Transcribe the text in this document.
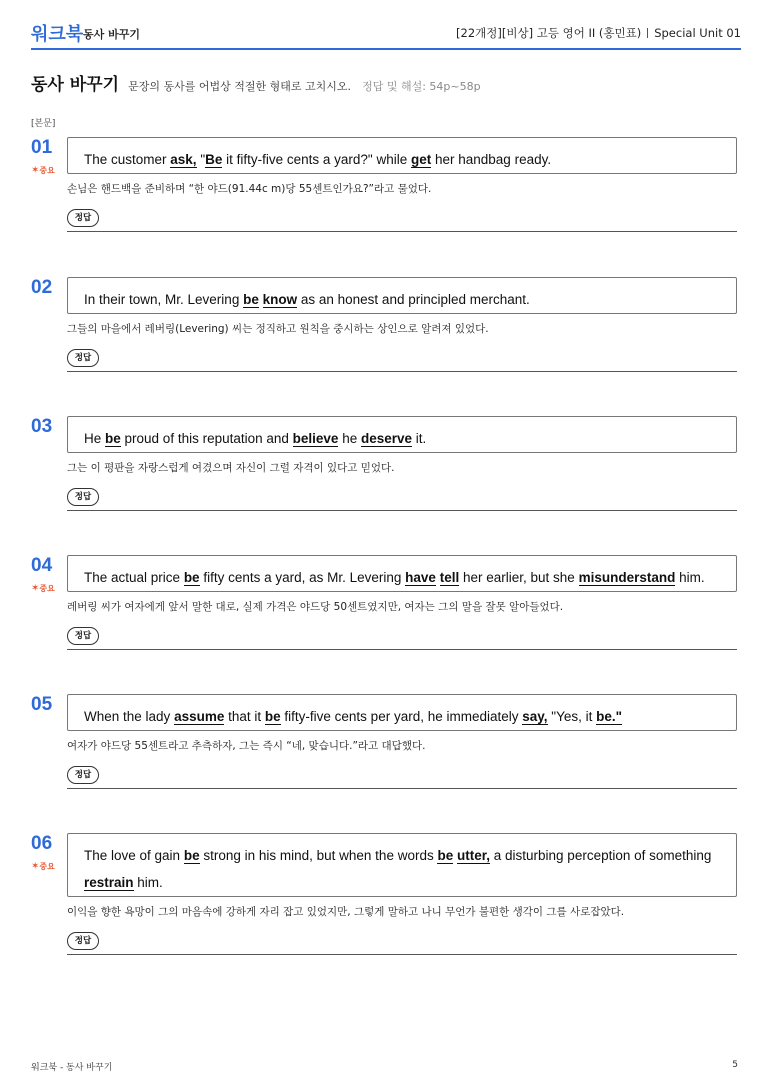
워크북 동사 바꾸기	[22개정][비상] 고등 영어 II (홍민표) Special Unit 01
동사 바꾸기 문장의 동사를 어법상 적절한 형태로 고치시오. 정답 및 해설: 54p~58p
[본문]
01
✶중요
The customer ask, "Be it fifty-five cents a yard?" while get her handbag ready.
손님은 핸드백을 준비하며 “한 야드(91.44c m)당 55센트인가요?”라고 물었다.
정답
02
In their town, Mr. Levering be know as an honest and principled merchant.
그들의 마을에서 레버링(Levering) 씨는 정직하고 원칙을 중시하는 상인으로 알려져 있었다.
정답
03
He be proud of this reputation and believe he deserve it.
그는 이 평판을 자랑스럽게 여겼으며 자신이 그럴 자격이 있다고 믿었다.
정답
04
✶중요
The actual price be fifty cents a yard, as Mr. Levering have tell her earlier, but she misunderstand him.
레버링 씨가 여자에게 앞서 말한 대로, 실제 가격은 야드당 50센트였지만, 여자는 그의 말을 잘못 알아들었다.
정답
05
When the lady assume that it be fifty-five cents per yard, he immediately say, "Yes, it be."
여자가 야드당 55센트라고 추측하자, 그는 즉시 “네, 맞습니다.”라고 대답했다.
정답
06
✶중요
The love of gain be strong in his mind, but when the words be utter, a disturbing perception of something restrain him.
이익을 향한 욕망이 그의 마음속에 강하게 자리 잡고 있었지만, 그렇게 말하고 나니 무언가 불편한 생각이 그를 사로잡았다.
정답
워크북 - 동사 바꾸기	5
